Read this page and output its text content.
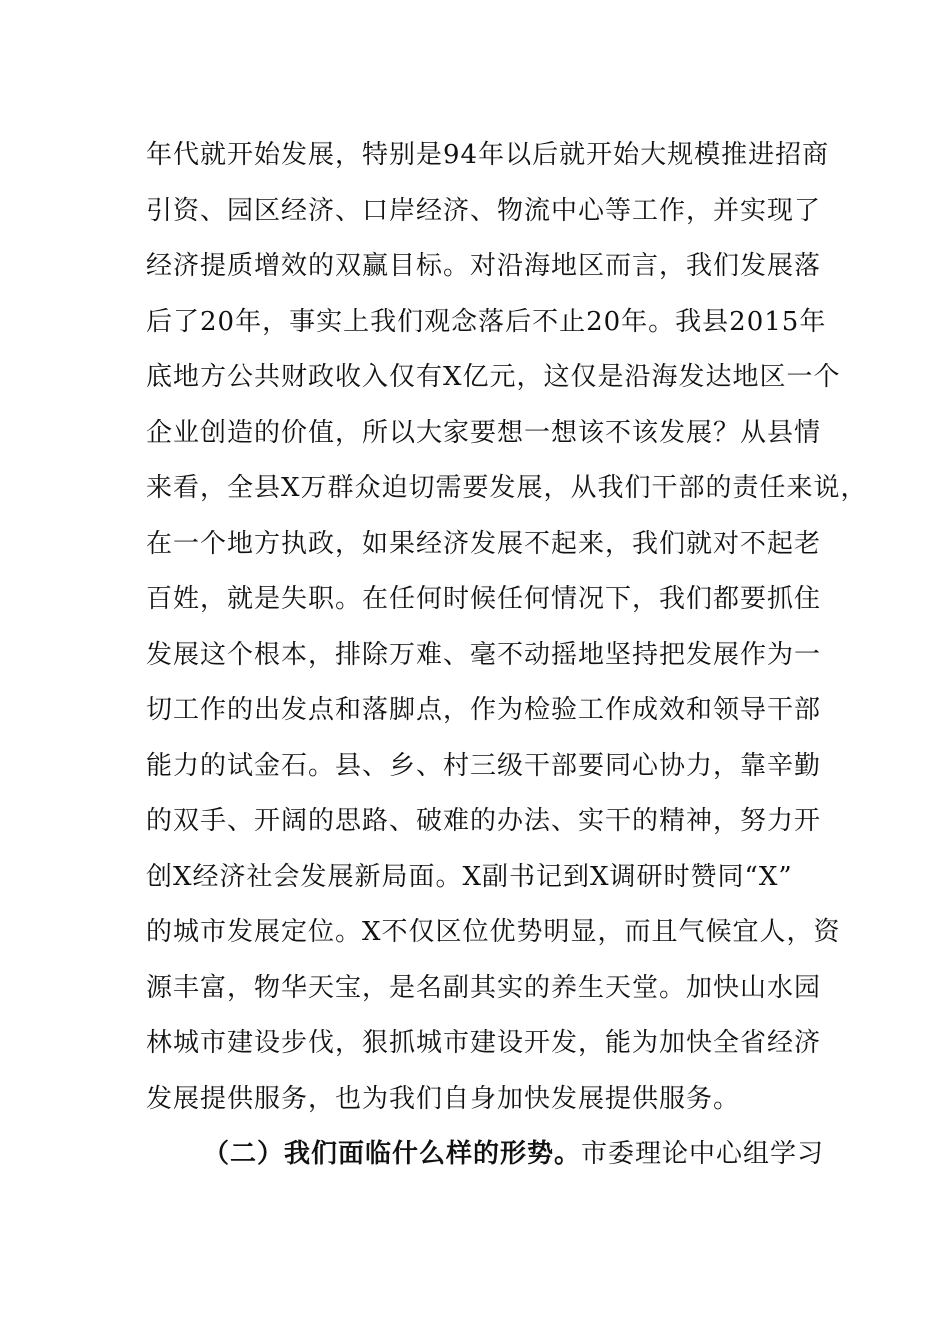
年代就开始发展，特别是94年以后就开始大规模推进招商
引资、园区经济、口岸经济、物流中心等工作，并实现了
经济提质增效的双赢目标。对沿海地区而言，我们发展落
后了20年，事实上我们观念落后不止20年。我县2015年
底地方公共财政收入仅有X亿元，这仅是沿海发达地区一个
企业创造的价值，所以大家要想一想该不该发展？从县情
来看，全县X万群众迫切需要发展，从我们干部的责任来说，
在一个地方执政，如果经济发展不起来，我们就对不起老
百姓，就是失职。在任何时候任何情况下，我们都要抓住
发展这个根本，排除万难、毫不动摇地坚持把发展作为一
切工作的出发点和落脚点，作为检验工作成效和领导干部
能力的试金石。县、乡、村三级干部要同心协力，靠辛勤
的双手、开阔的思路、破难的办法、实干的精神，努力开
创X经济社会发展新局面。X副书记到X调研时赞同“X”
的城市发展定位。X不仅区位优势明显，而且气候宜人，资
源丰富，物华天宝，是名副其实的养生天堂。加快山水园
林城市建设步伐，狠抓城市建设开发，能为加快全省经济
发展提供服务，也为我们自身加快发展提供服务。
（二）我们面临什么样的形势。市委理论中心组学习
